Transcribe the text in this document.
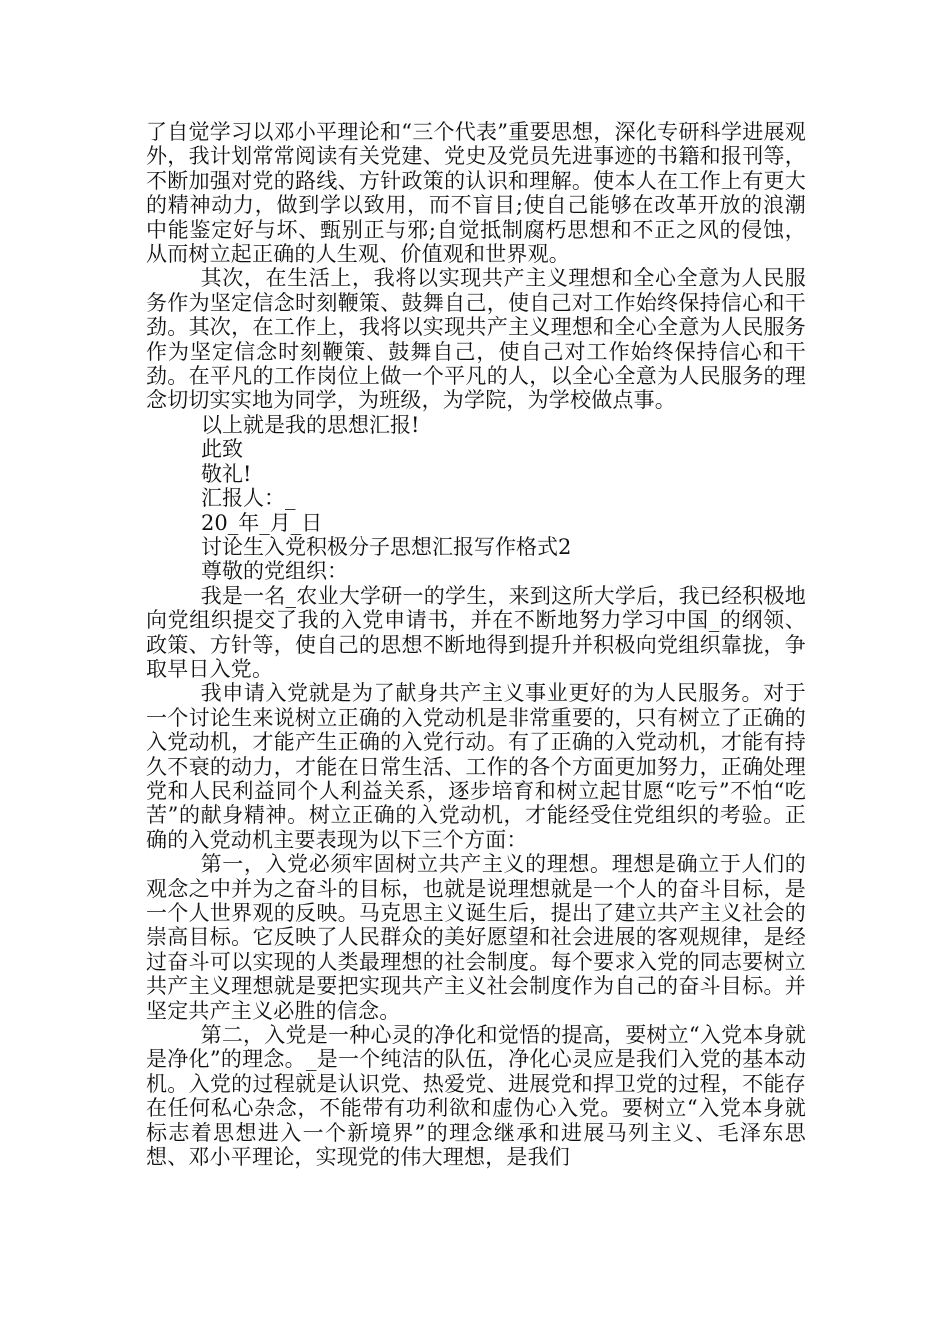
了自觉学习以邓小平理论和“三个代表”重要思想，深化专研科学进展观外，我计划常常阅读有关党建、党史及党员先进事迹的书籍和报刊等，不断加强对党的路线、方针政策的认识和理解。使本人在工作上有更大的精神动力，做到学以致用，而不盲目;使自己能够在改革开放的浪潮中能鉴定好与坏、甄别正与邪;自觉抵制腐朽思想和不正之风的侵蚀，从而树立起正确的人生观、价值观和世界观。

其次，在生活上，我将以实现共产主义理想和全心全意为人民服务作为坚定信念时刻鞭策、鼓舞自己，使自己对工作始终保持信心和干劲。其次，在工作上，我将以实现共产主义理想和全心全意为人民服务作为坚定信念时刻鞭策、鼓舞自己，使自己对工作始终保持信心和干劲。在平凡的工作岗位上做一个平凡的人，以全心全意为人民服务的理念切切实实地为同学，为班级，为学院，为学校做点事。

以上就是我的思想汇报!

此致

敬礼!

汇报人：_

20_年_月_日

讨论生入党积极分子思想汇报写作格式2

尊敬的党组织：

我是一名_农业大学研一的学生，来到这所大学后，我已经积极地向党组织提交了我的入党申请书，并在不断地努力学习中国_的纲领、政策、方针等，使自己的思想不断地得到提升并积极向党组织靠拢，争取早日入党。

我申请入党就是为了献身共产主义事业更好的为人民服务。对于一个讨论生来说树立正确的入党动机是非常重要的，只有树立了正确的入党动机，才能产生正确的入党行动。有了正确的入党动机，才能有持久不衰的动力，才能在日常生活、工作的各个方面更加努力，正确处理党和人民利益同个人利益关系，逐步培育和树立起甘愿“吃亏”不怕“吃苦”的献身精神。树立正确的入党动机，才能经受住党组织的考验。正确的入党动机主要表现为以下三个方面：

第一，入党必须牢固树立共产主义的理想。理想是确立于人们的观念之中并为之奋斗的目标，也就是说理想就是一个人的奋斗目标，是一个人世界观的反映。马克思主义诞生后，提出了建立共产主义社会的崇高目标。它反映了人民群众的美好愿望和社会进展的客观规律，是经过奋斗可以实现的人类最理想的社会制度。每个要求入党的同志要树立共产主义理想就是要把实现共产主义社会制度作为自己的奋斗目标。并坚定共产主义必胜的信念。

第二，入党是一种心灵的净化和觉悟的提高，要树立“入党本身就是净化”的理念。_是一个纯洁的队伍，净化心灵应是我们入党的基本动机。入党的过程就是认识党、热爱党、进展党和捍卫党的过程，不能存在任何私心杂念，不能带有功利欲和虚伪心入党。要树立“入党本身就标志着思想进入一个新境界”的理念继承和进展马列主义、毛泽东思想、邓小平理论，实现党的伟大理想，是我们
